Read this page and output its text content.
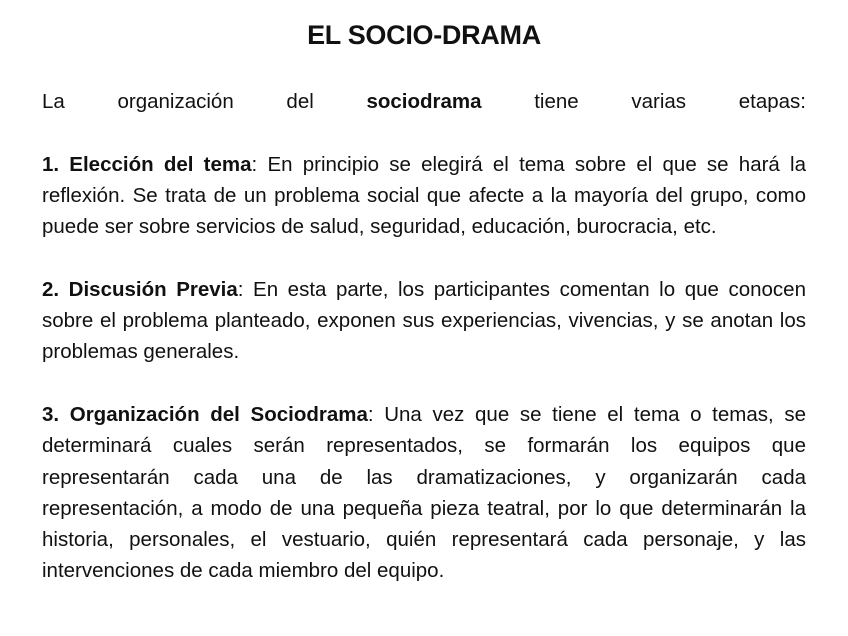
EL SOCIO-DRAMA

La organización del sociodrama tiene varias etapas:

1. Elección del tema: En principio se elegirá el tema sobre el que se hará la reflexión. Se trata de un problema social que afecte a la mayoría del grupo, como puede ser sobre servicios de salud, seguridad, educación, burocracia, etc.

2. Discusión Previa: En esta parte, los participantes comentan lo que conocen sobre el problema planteado, exponen sus experiencias, vivencias, y se anotan los problemas generales.

3. Organización del Sociodrama: Una vez que se tiene el tema o temas, se determinará cuales serán representados, se formarán los equipos que representarán cada una de las dramatizaciones, y organizarán cada representación, a modo de una pequeña pieza teatral, por lo que determinarán la historia, personales, el vestuario, quién representará cada personaje, y las intervenciones de cada miembro del equipo.
